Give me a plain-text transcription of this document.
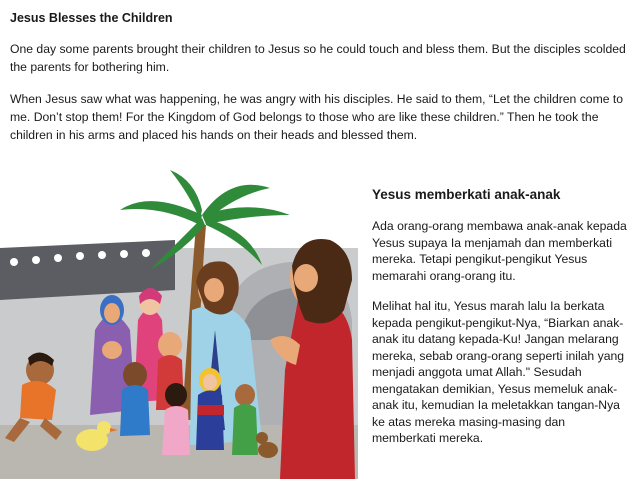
Jesus Blesses the Children

One day some parents brought their children to Jesus so he could touch and bless them. But the disciples scolded the parents for bothering him.

When Jesus saw what was happening, he was angry with his disciples. He said to them, “Let the children come to me. Don’t stop them! For the Kingdom of God belongs to those who are like these children.” Then he took the children in his arms and placed his hands on their heads and blessed them.

Yesus memberkati anak-anak

Ada orang-orang membawa anak-anak kepada Yesus supaya Ia menjamah dan memberkati mereka. Tetapi pengikut-pengikut Yesus memarahi orang-orang itu.

Melihat hal itu, Yesus marah lalu Ia berkata kepada pengikut-pengikut-Nya, “Biarkan anak-anak itu datang kepada-Ku! Jangan melarang mereka, sebab orang-orang seperti inilah yang menjadi anggota umat Allah." Sesudah mengatakan demikian, Yesus memeluk anak-anak itu, kemudian Ia meletakkan tangan-Nya ke atas mereka masing-masing dan memberkati mereka.
